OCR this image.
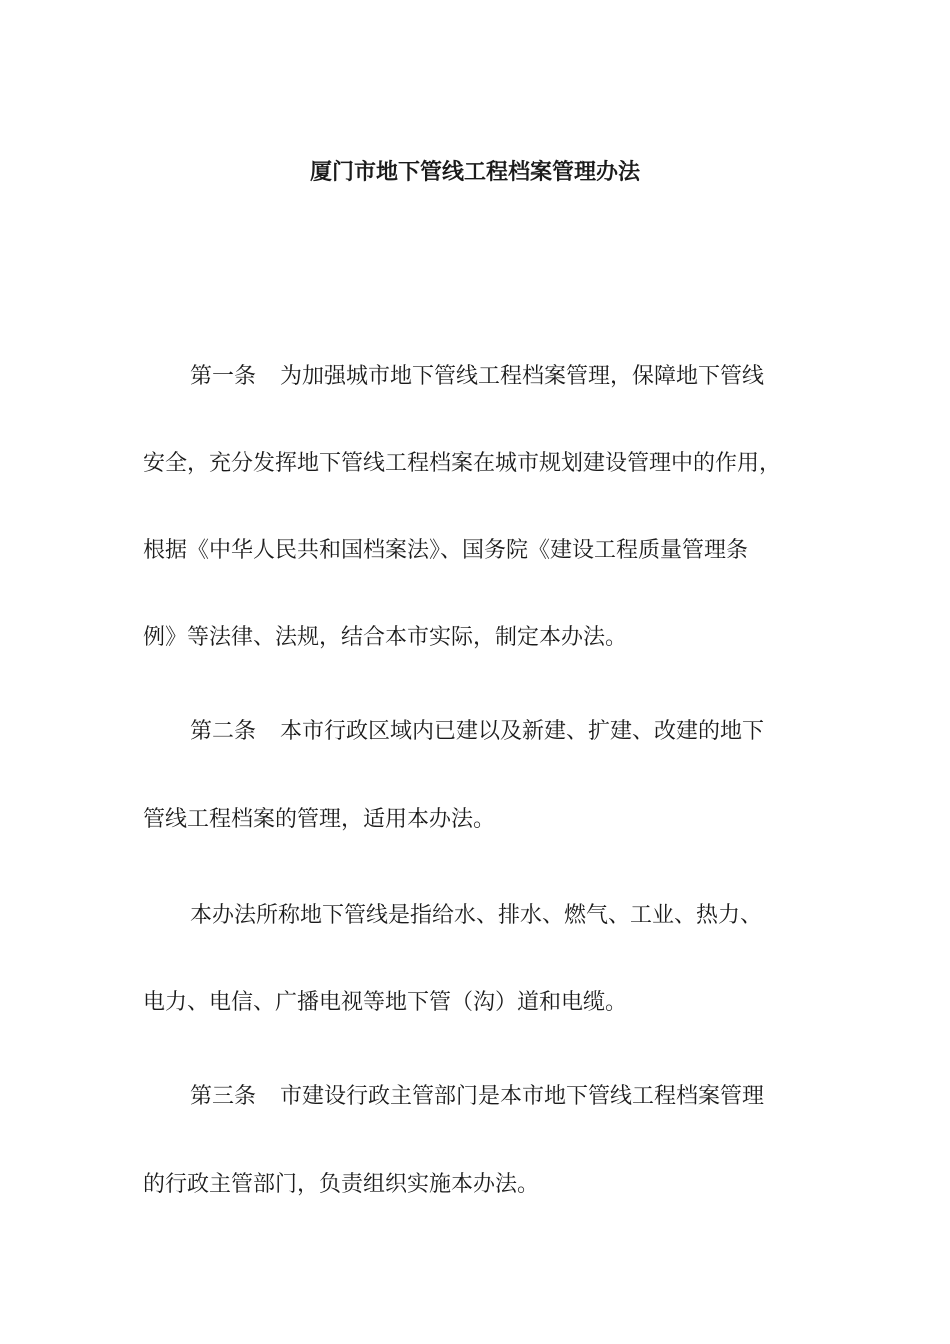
厦门市地下管线工程档案管理办法

第一条 为加强城市地下管线工程档案管理，保障地下管线

安全，充分发挥地下管线工程档案在城市规划建设管理中的作用，

根据《中华人民共和国档案法》、国务院《建设工程质量管理条

例》等法律、法规，结合本市实际，制定本办法。

第二条 本市行政区域内已建以及新建、扩建、改建的地下

管线工程档案的管理，适用本办法。

本办法所称地下管线是指给水、排水、燃气、工业、热力、

电力、电信、广播电视等地下管（沟）道和电缆。

第三条 市建设行政主管部门是本市地下管线工程档案管理

的行政主管部门，负责组织实施本办法。
